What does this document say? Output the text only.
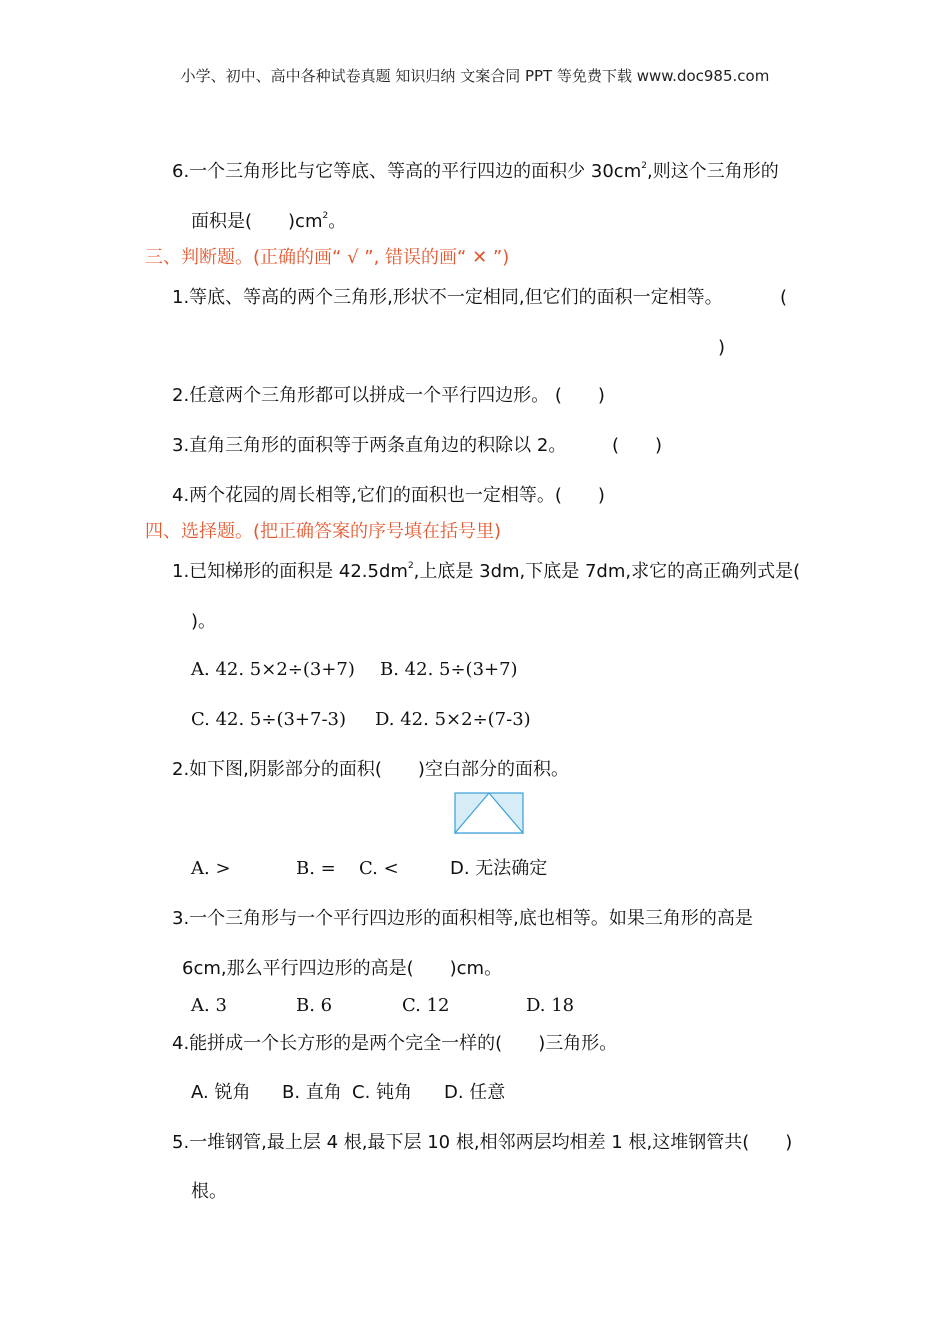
小学、初中、高中各种试卷真题 知识归纳 文案合同 PPT 等免费下载 www.doc985.com
6.一个三角形比与它等底、等高的平行四边的面积少 $30cm^2$,则这个三角形的
面积是(　　)$cm^2$。
三、判断题。(正确的画“ √ ”, 错误的画“ ✕ ”)
1.等底、等高的两个三角形,形状不一定相同,但它们的面积一定相等。	(
)
2.任意两个三角形都可以拼成一个平行四边形。 (　　)
3.直角三角形的面积等于两条直角边的积除以 2。	(　　)
4.两个花园的周长相等,它们的面积也一定相等。(　　)
四、选择题。(把正确答案的序号填在括号里)
1.已知梯形的面积是 $42.5dm^2$,上底是 3dm,下底是 7dm,求它的高正确列式是(
)。
A. 42. 5×2÷(3+7) B. 42. 5÷(3+7)
C. 42. 5÷(3+7-3) D. 42. 5×2÷(7-3)
2.如下图,阴影部分的面积(　　)空白部分的面积。
A. >	B. = C. <	D. 无法确定
3.一个三角形与一个平行四边形的面积相等,底也相等。如果三角形的高是
6cm,那么平行四边形的高是(　　)cm。
A. 3	B. 6	C. 12	D. 18
4.能拼成一个长方形的是两个完全一样的(　　)三角形。
A. 锐角 B. 直角 C. 钝角 D. 任意
5.一堆钢管,最上层 4 根,最下层 10 根,相邻两层均相差 1 根,这堆钢管共(　　)
根。
